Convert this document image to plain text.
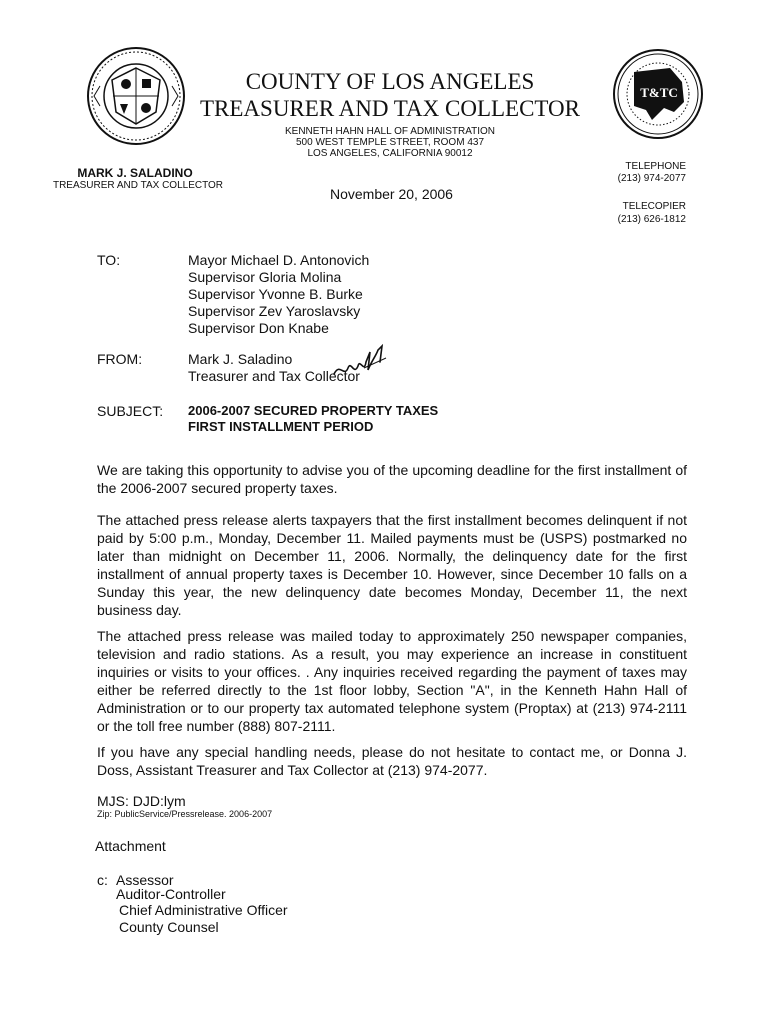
T&TC
COUNTY OF LOS ANGELES
TREASURER AND TAX COLLECTOR
KENNETH HAHN HALL OF ADMINISTRATION
500 WEST TEMPLE STREET, ROOM 437
LOS ANGELES, CALIFORNIA 90012
MARK J. SALADINO
TREASURER AND TAX COLLECTOR
TELEPHONE
(213) 974-2077
TELECOPIER
(213) 626-1812
November 20, 2006
TO:	Mayor Michael D. Antonovich
Supervisor Gloria Molina
Supervisor Yvonne B. Burke
Supervisor Zev Yaroslavsky
Supervisor Don Knabe
FROM:	Mark J. Saladino
Treasurer and Tax Collector
SUBJECT: 2006-2007 SECURED PROPERTY TAXES
FIRST INSTALLMENT PERIOD
We are taking this opportunity to advise you of the upcoming deadline for the first installment of the 2006-2007 secured property taxes.
The attached press release alerts taxpayers that the first installment becomes delinquent if not paid by 5:00 p.m., Monday, December 11. Mailed payments must be (USPS) postmarked no later than midnight on December 11, 2006. Normally, the delinquency date for the first installment of annual property taxes is December 10. However, since December 10 falls on a Sunday this year, the new delinquency date becomes Monday, December 11, the next business day.
The attached press release was mailed today to approximately 250 newspaper companies, television and radio stations. As a result, you may experience an increase in constituent inquiries or visits to your offices. . Any inquiries received regarding the payment of taxes may either be referred directly to the 1st floor lobby, Section "A", in the Kenneth Hahn Hall of Administration or to our property tax automated telephone system (Proptax) at (213) 974-2111 or the toll free number (888) 807-2111.
If you have any special handling needs, please do not hesitate to contact me, or Donna J. Doss, Assistant Treasurer and Tax Collector at (213) 974-2077.
MJS: DJD:lym
Zip: PublicService/Pressrelease. 2006-2007
Attachment
c: Assessor
Auditor-Controller
Chief Administrative Officer
County Counsel
